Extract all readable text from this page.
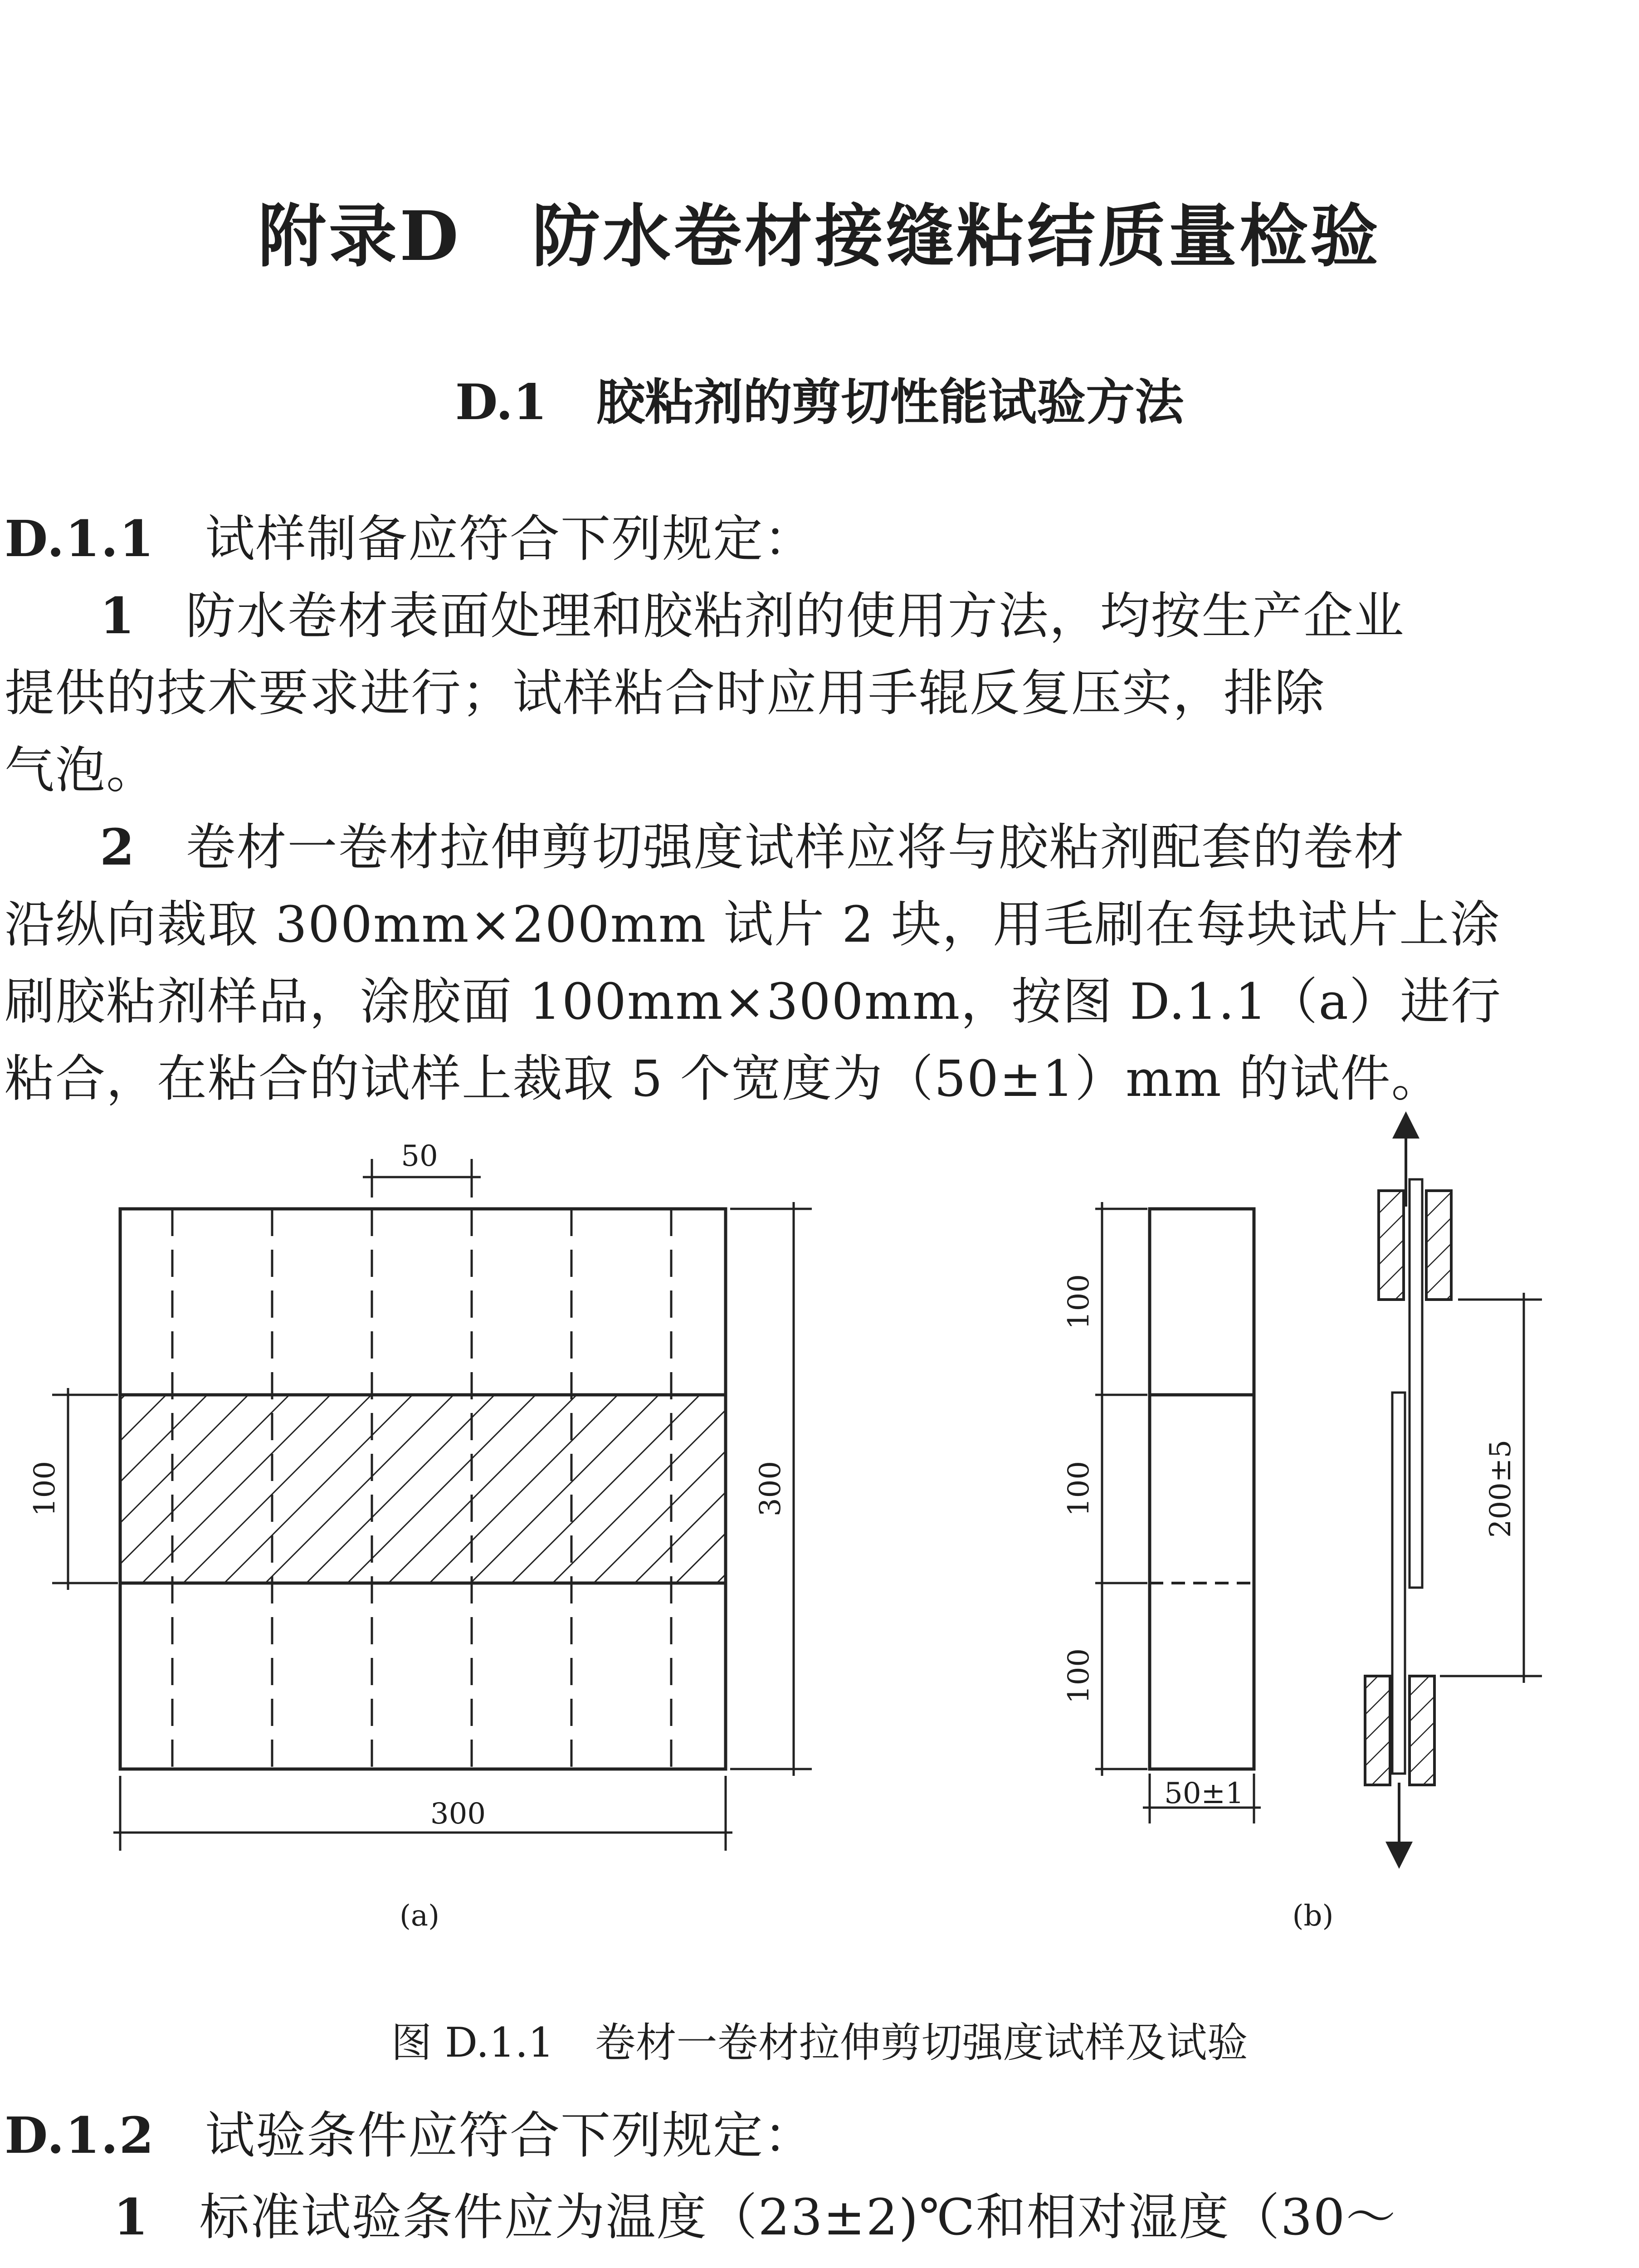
附录D　防水卷材接缝粘结质量检验
D.1　胶粘剂的剪切性能试验方法

D.1.1 试样制备应符合下列规定：

1 防水卷材表面处理和胶粘剂的使用方法，均按生产企业

提供的技术要求进行；试样粘合时应用手辊反复压实，排除

气泡。

2 卷材一卷材拉伸剪切强度试样应将与胶粘剂配套的卷材

沿纵向裁取 300mm×200mm 试片 2 块，用毛刷在每块试片上涂

刷胶粘剂样品，涂胶面 100mm×300mm，按图 D.1.1（a）进行

粘合，在粘合的试样上裁取 5 个宽度为（50±1）mm 的试件。

50
100	300
300
(a)
100
100
100
50±1
200±5
(b)

图 D.1.1　卷材一卷材拉伸剪切强度试样及试验

D.1.2 试验条件应符合下列规定：

1 标准试验条件应为温度（23±2)℃和相对湿度（30～
